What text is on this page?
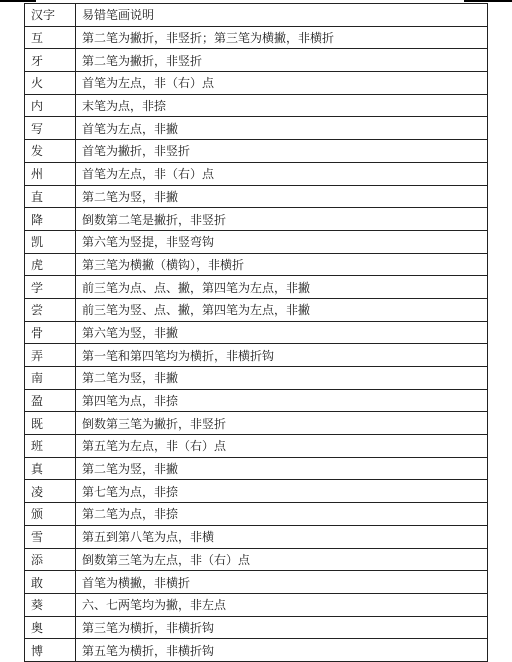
汉字	易错笔画说明
互	第二笔为撇折，非竖折；第三笔为横撇，非横折
牙	第二笔为撇折，非竖折
火	首笔为左点，非（右）点
内	末笔为点，非捺
写	首笔为左点，非撇
发	首笔为撇折，非竖折
州	首笔为左点，非（右）点
直	第二笔为竖，非撇
降	倒数第二笔是撇折，非竖折
凯	第六笔为竖提，非竖弯钩
虎	第三笔为横撇（横钩），非横折
学	前三笔为点、点、撇，第四笔为左点，非撇
尝	前三笔为竖、点、撇，第四笔为左点，非撇
骨	第六笔为竖，非撇
弄	第一笔和第四笔均为横折，非横折钩
南	第二笔为竖，非撇
盈	第四笔为点，非捺
既	倒数第三笔为撇折，非竖折
班	第五笔为左点，非（右）点
真	第二笔为竖，非撇
凌	第七笔为点，非捺
颁	第二笔为点，非捺
雪	第五到第八笔为点，非横
添	倒数第三笔为左点，非（右）点
敢	首笔为横撇，非横折
葵	六、七两笔均为撇，非左点
奥	第三笔为横折，非横折钩
博	第五笔为横折，非横折钩
